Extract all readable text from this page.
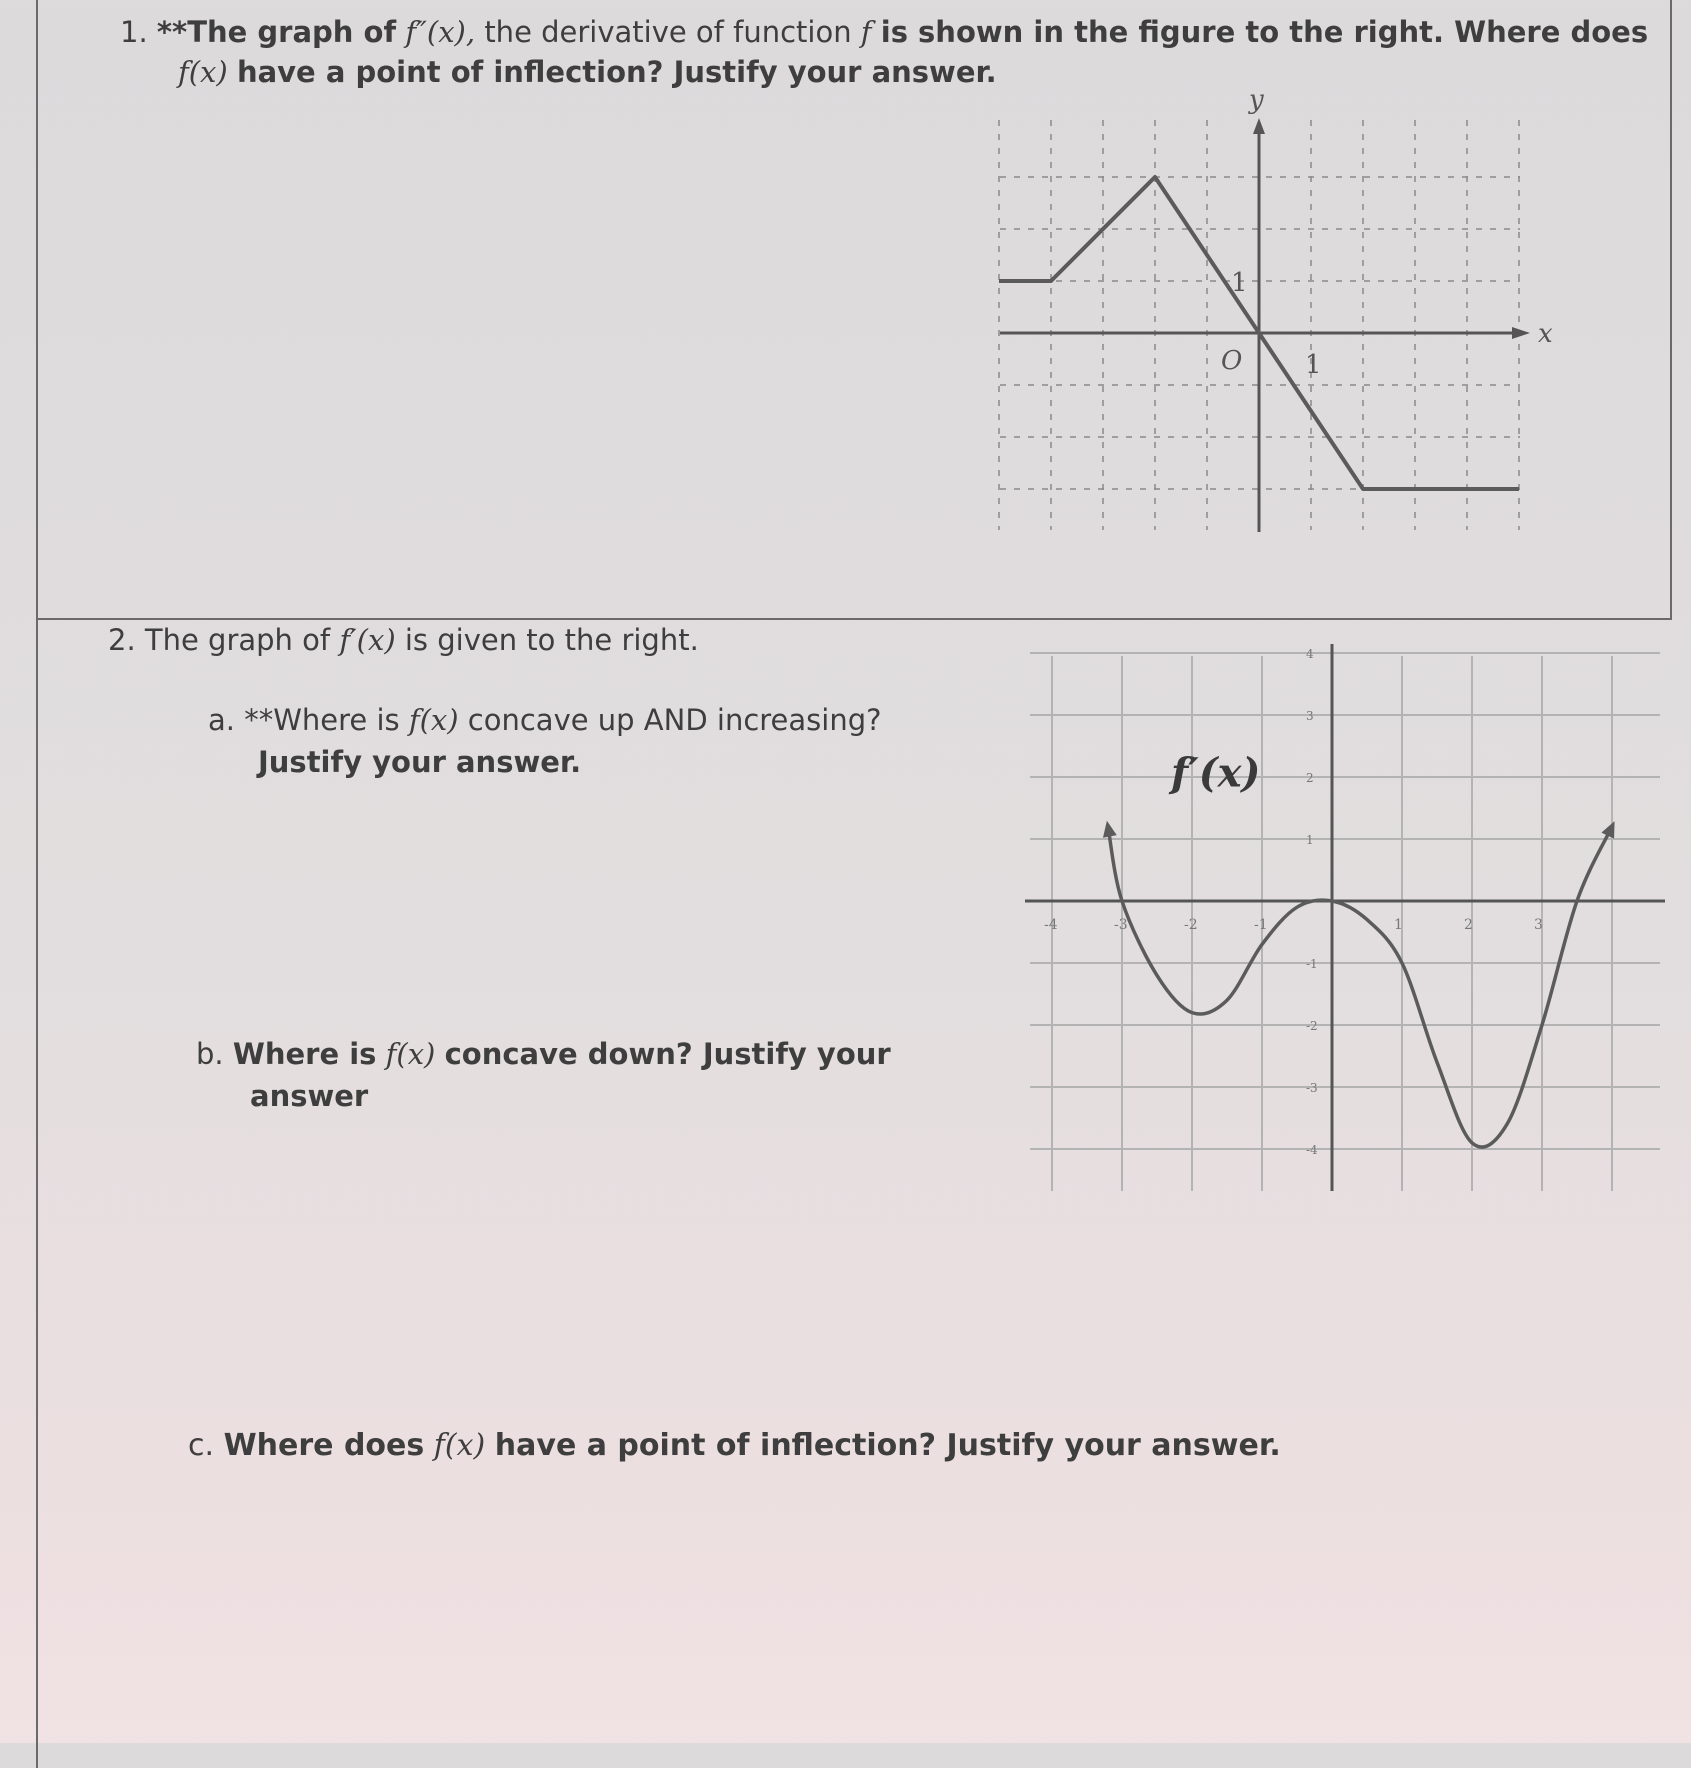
1. **The graph of f″(x), the derivative of function f is shown in the figure to the right. Where does
f(x) have a point of inflection? Justify your answer.
x
y
O 1
1
2. The graph of f′(x) is given to the right.
a. **Where is f(x) concave up AND increasing?
Justify your answer.
b. Where is f(x) concave down? Justify your
answer
c. Where does f(x) have a point of inflection? Justify your answer.
-4	-3	-2	-1	1	2	3
4
3
2
1
-1
-2
-3
-4
f′(x)
